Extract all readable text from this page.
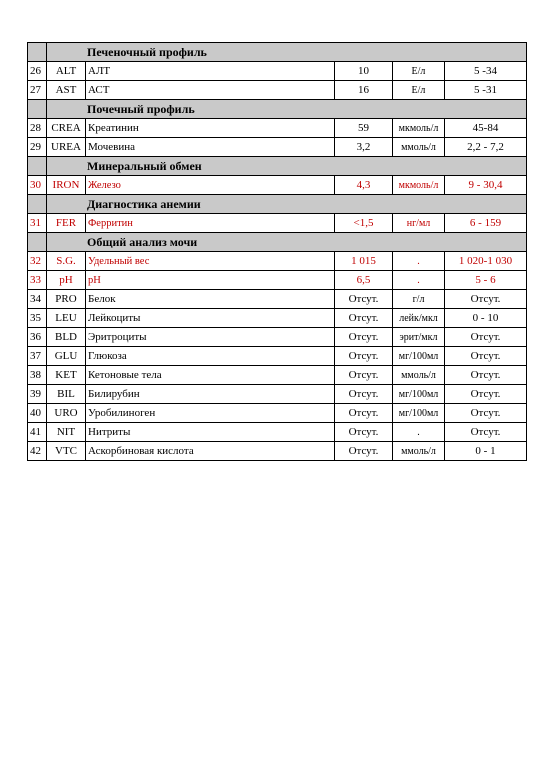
	Печеночный профиль				
26	ALT	АЛТ	10	Е/л	5 -34
27	AST	АСТ	16	Е/л	5 -31
	Почечный профиль				
28	CREA	Креатинин	59	мкмоль/л	45-84
29	UREA	Мочевина	3,2	ммоль/л	2,2 - 7,2
	Минеральный обмен				
30	IRON	Железо	4,3	мкмоль/л	9 - 30,4
	Диагностика анемии				
31	FER	Ферритин	<1,5	нг/мл	6 - 159
	Общий анализ мочи				
32	S.G.	Удельный вес	1 015	.	1 020-1 030
33	pH	pH	6,5	.	5 - 6
34	PRO	Белок	Отсут.	г/л	Отсут.
35	LEU	Лейкоциты	Отсут.	лейк/мкл	0 - 10
36	BLD	Эритроциты	Отсут.	эрит/мкл	Отсут.
37	GLU	Глюкоза	Отсут.	мг/100мл	Отсут.
38	KET	Кетоновые тела	Отсут.	ммоль/л	Отсут.
39	BIL	Билирубин	Отсут.	мг/100мл	Отсут.
40	URO	Уробилиноген	Отсут.	мг/100мл	Отсут.
41	NIT	Нитриты	Отсут.	.	Отсут.
42	VTC	Аскорбиновая кислота	Отсут.	ммоль/л	0 - 1
